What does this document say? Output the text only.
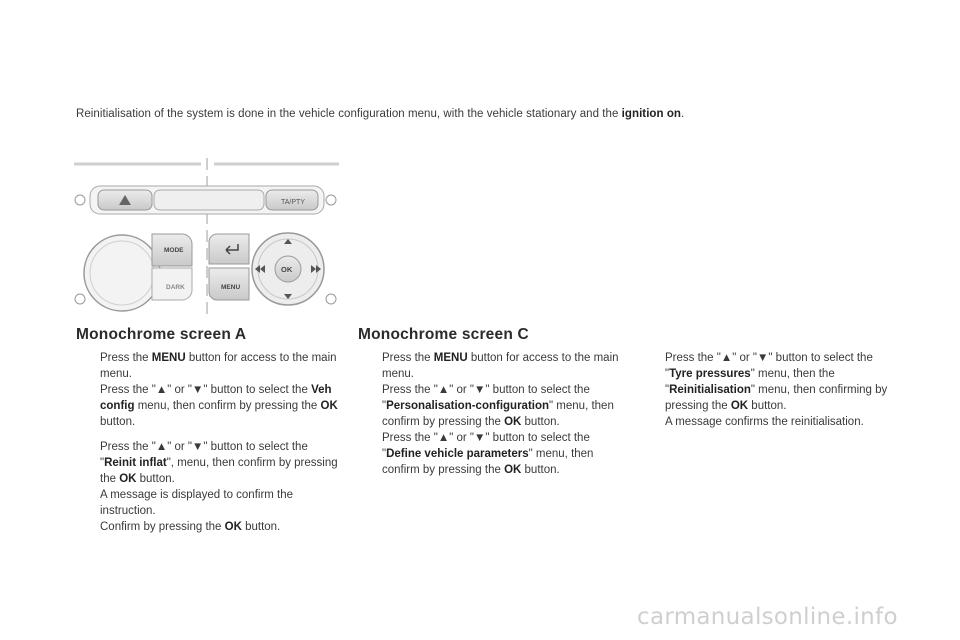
Reinitialisation of the system is done in the vehicle configuration menu, with the vehicle stationary and the ignition on.
TA/PTY
MODE
DARK	MENU
OK
Monochrome screen A

Press the MENU button for access to the main menu.

Press the "▲" or "▼" button to select the Veh config menu, then confirm by pressing the OK button.

Press the "▲" or "▼" button to select the "Reinit inflat", menu, then confirm by pressing the OK button.
A message is displayed to confirm the instruction.

Confirm by pressing the OK button.

Monochrome screen C

Press the MENU button for access to the main menu.

Press the "▲" or "▼" button to select the "Personalisation-configuration" menu, then confirm by pressing the OK button.

Press the "▲" or "▼" button to select the "Define vehicle parameters" menu, then confirm by pressing the OK button.

Press the "▲" or "▼" button to select the "Tyre pressures" menu, then the "Reinitialisation" menu, then confirming by pressing the OK button.
A message confirms the reinitialisation.

carmanualsonline.info
